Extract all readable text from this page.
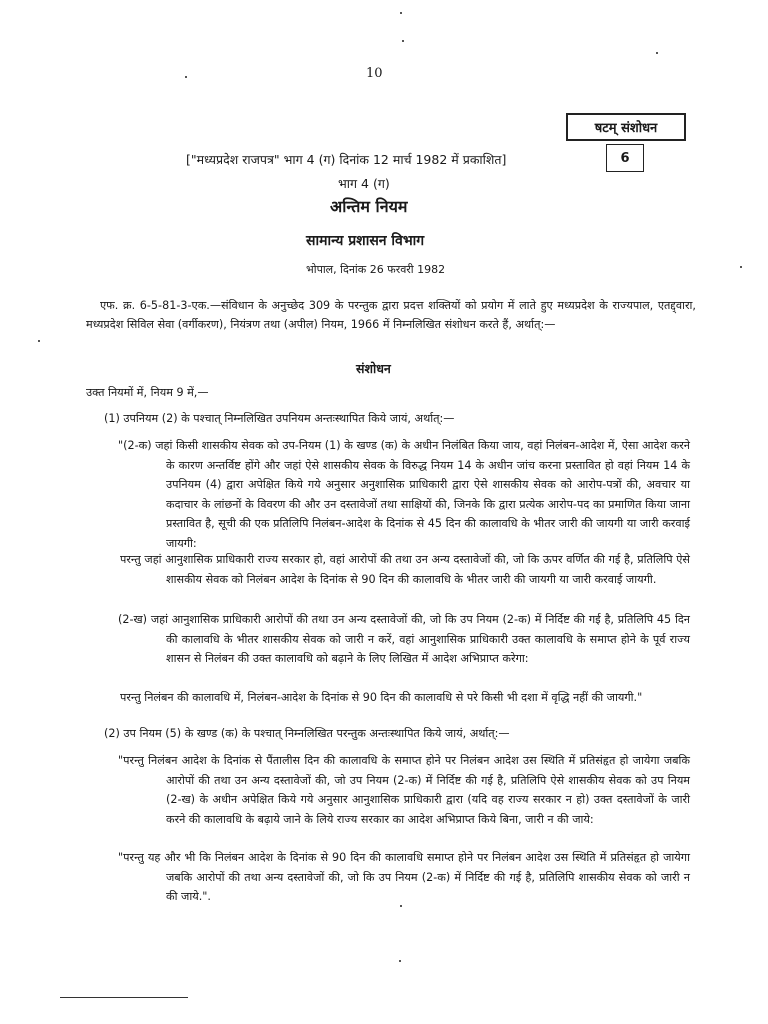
10
षटम् संशोधन
6
["मध्यप्रदेश राजपत्र" भाग 4 (ग) दिनांक 12 मार्च 1982 में प्रकाशित]
भाग 4 (ग)
अन्तिम नियम
सामान्य प्रशासन विभाग
भोपाल, दिनांक 26 फरवरी 1982

एफ. क्र. 6-5-81-3-एक.—संविधान के अनुच्छेद 309 के परन्तुक द्वारा प्रदत्त शक्तियों को प्रयोग में लाते हुए मध्यप्रदेश के राज्यपाल, एतद्द्वारा, मध्यप्रदेश सिविल सेवा (वर्गीकरण), नियंत्रण तथा (अपील) नियम, 1966 में निम्नलिखित संशोधन करते हैं, अर्थात्:—

संशोधन
उक्त नियमों में, नियम 9 में,—
(1) उपनियम (2) के पश्चात् निम्नलिखित उपनियम अन्तःस्थापित किये जायं, अर्थात्:—

"(2-क) जहां किसी शासकीय सेवक को उप-नियम (1) के खण्ड (क) के अधीन निलंबित किया जाय, वहां निलंबन-आदेश में, ऐसा आदेश करने के कारण अन्तर्विष्ट होंगे और जहां ऐसे शासकीय सेवक के विरुद्ध नियम 14 के अधीन जांच करना प्रस्तावित हो वहां नियम 14 के उपनियम (4) द्वारा अपेक्षित किये गये अनुसार अनुशासिक प्राधिकारी द्वारा ऐसे शासकीय सेवक को आरोप-पत्रों की, अवचार या कदाचार के लांछनों के विवरण की और उन दस्तावेजों तथा साक्षियों की, जिनके कि द्वारा प्रत्येक आरोप-पद का प्रमाणित किया जाना प्रस्तावित है, सूची की एक प्रतिलिपि निलंबन-आदेश के दिनांक से 45 दिन की कालावधि के भीतर जारी की जायगी या जारी करवाई जायगी:

परन्तु जहां आनुशासिक प्राधिकारी राज्य सरकार हो, वहां आरोपों की तथा उन अन्य दस्तावेजों की, जो कि ऊपर वर्णित की गई है, प्रतिलिपि ऐसे शासकीय सेवक को निलंबन आदेश के दिनांक से 90 दिन की कालावधि के भीतर जारी की जायगी या जारी करवाई जायगी.

(2-ख) जहां आनुशासिक प्राधिकारी आरोपों की तथा उन अन्य दस्तावेजों की, जो कि उप नियम (2-क) में निर्दिष्ट की गई है, प्रतिलिपि 45 दिन की कालावधि के भीतर शासकीय सेवक को जारी न करें, वहां आनुशासिक प्राधिकारी उक्त कालावधि के समाप्त होने के पूर्व राज्य शासन से निलंबन की उक्त कालावधि को बढ़ाने के लिए लिखित में आदेश अभिप्राप्त करेगा:

परन्तु निलंबन की कालावधि में, निलंबन-आदेश के दिनांक से 90 दिन की कालावधि से परे किसी भी दशा में वृद्धि नहीं की जायगी."

(2) उप नियम (5) के खण्ड (क) के पश्चात् निम्नलिखित परन्तुक अन्तःस्थापित किये जायं, अर्थात्:—

"परन्तु निलंबन आदेश के दिनांक से पैंतालीस दिन की कालावधि के समाप्त होने पर निलंबन आदेश उस स्थिति में प्रतिसंहृत हो जायेगा जबकि आरोपों की तथा उन अन्य दस्तावेजों की, जो उप नियम (2-क) में निर्दिष्ट की गई है, प्रतिलिपि ऐसे शासकीय सेवक को उप नियम (2-ख) के अधीन अपेक्षित किये गये अनुसार आनुशासिक प्राधिकारी द्वारा (यदि वह राज्य सरकार न हो) उक्त दस्तावेजों के जारी करने की कालावधि के बढ़ाये जाने के लिये राज्य सरकार का आदेश अभिप्राप्त किये बिना, जारी न की जाये:

"परन्तु यह और भी कि निलंबन आदेश के दिनांक से 90 दिन की कालावधि समाप्त होने पर निलंबन आदेश उस स्थिति में प्रतिसंहृत हो जायेगा जबकि आरोपों की तथा अन्य दस्तावेजों की, जो कि उप नियम (2-क) में निर्दिष्ट की गई है, प्रतिलिपि शासकीय सेवक को जारी न की जाये.".
